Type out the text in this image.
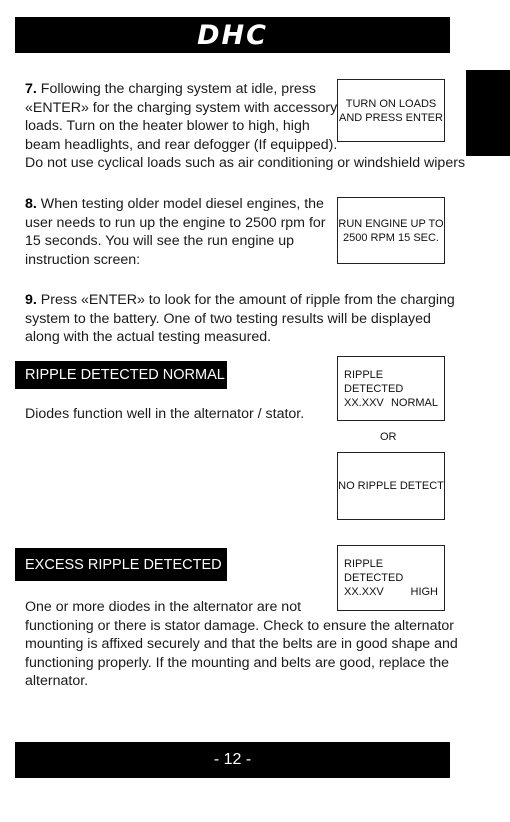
DHC

7. Following the charging system at idle, press
«ENTER» for the charging system with accessory
loads. Turn on the heater blower to high, high
beam headlights, and rear defogger (If equipped).
Do not use cyclical loads such as air conditioning or windshield wipers

TURN ON LOADS
AND PRESS ENTER

8. When testing older model diesel engines, the
user needs to run up the engine to 2500 rpm for
15 seconds. You will see the run engine up
instruction screen:

RUN ENGINE UP TO
2500 RPM 15 SEC.

9. Press «ENTER» to look for the amount of ripple from the charging
system to the battery. One of two testing results will be displayed
along with the actual testing measured.

RIPPLE DETECTED NORMAL

Diodes function well in the alternator / stator.

RIPPLE DETECTED
XX.XXV NORMAL
OR
NO RIPPLE DETECT
EXCESS RIPPLE DETECTED	RIPPLE DETECTED
XX.XXV HIGH

One or more diodes in the alternator are not
functioning or there is stator damage. Check to ensure the alternator
mounting is affixed securely and that the belts are in good shape and
functioning properly. If the mounting and belts are good, replace the
alternator.

- 12 -
